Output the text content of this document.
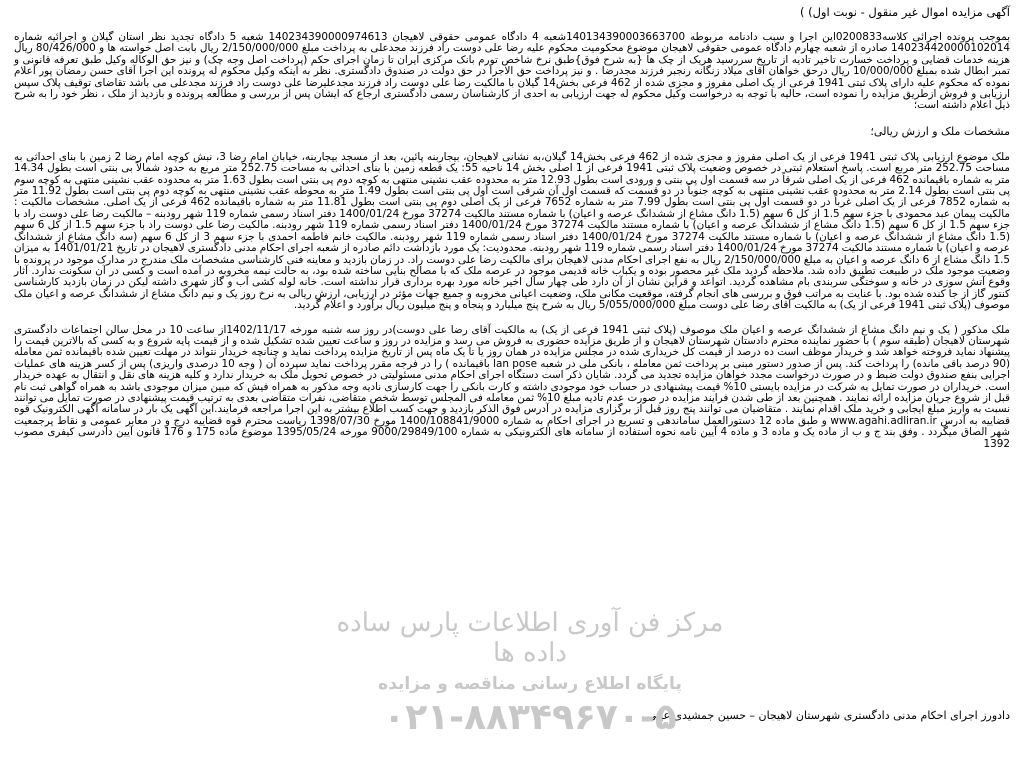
آگهی مزایده اموال غیر منقول - نوبت اول) )

بموجب پرونده اجرائی کلاسه0200833این اجرا و سبب دادنامه مربوطه 140134390003663700شعبه 4 دادگاه عمومی حقوقی لاهیجان 140234390000974613 شعبه 5 دادگاه تجدید نظر استان گیلان و اجرائیه شماره 140234420000102014 صادره از شعبه چهارم دادگاه عمومی حقوقی لاهیجان موضوع محکومیت محکوم علیه رضا علی دوست راد فرزند مجدعلی به پرداخت مبلغ 2/150/000/000 ریال بابت اصل خواسته ها و 80/426/000 ریال هزینه خدمات قضایی و پرداخت خسارت تاخیر تادیه از تاریخ سررسید هریک از چک ها {به شرح فوق}طبق نرخ شاخص تورم بانک مرکزی ایران تا زمان اجرای حکم (پرداخت اصل وجه چک) و نیز حق الوکاله وکیل طبق تعرفه قانونی و تمبر ابطال شده بمبلغ 10/000/000 ریال درحق خواهان آقای میلاد زنگانه رنجبر فرزند مجدرضا . و نیز پرداخت حق الاجرا در حق دولت در صندوق دادگستری. نظر به اینکه وکیل محکوم له پرونده این اجرا آقای حسن رمضان پور اعلام نموده که محکوم علیه دارای پلاک ثبتی 1941 فرعی از یک اصلی مفروز و مجزی شده از 462 فرعی بخش14 گیلان با مالکیت رضا علی دوست راد فرزند مجدعلیرضا علی دوست راد فرزند مجدعلی می باشد تقاضای توقیف پلاک سپس ارزیابی و فروش ازطریق مزایده را نموده است، حالیه با توجه به درخواست وکیل محکوم له جهت ارزیابی به احدی از کارشناسان رسمی دادگستری ارجاع که ایشان پس از بررسی و مطالعه پرونده و بازدید از ملک ، نظر خود را به شرح ذیل اعلام داشته است؛

مشخصات ملک و ارزش ریالی؛

ملک موضوع ارزیابی پلاک ثبتی 1941 فرعی از یک اصلی مفروز و مجزی شده از 462 فرعی بخش14 گیلان،به نشانی لاهیجان، بیجاربنه پائین، بعد از مسجد بیجاربنه، خیابان امام رضا 3، نبش کوچه امام رضا 2 زمین با بنای احداثی به مساحت 252.75 متر مربع است. پاسخ استعلام ثبتی در خصوص وضعیت پلاک ثبتی 1941 فرعی از 1 اصلی بخش 14 ناحیه 55: یک قطعه زمین با بنای احداثی به مساحت 252.75 متر مربع به حدود شمالاً بی بنتی است بطول 14.34 متر به شماره باقیمانده 462 فرعی از یک اصلی شرقاً در سه قسمت اول پی بنتی و ورودی است بطول 12.93 متر به محدوده عقب نشینی منتهی به کوچه دوم پی بنتی است بطول 1.63 متر به محدوده عقب نشینی منتهی به کوچه سوم پی بنتی است بطول 2.14 متر به محدوده عقب نشینی منتهی به کوچه جنوباً در دو قسمت که قسمت اول آن شرقی است اول پی بنتی است بطول 1.49 متر به محوطه عقب نشینی منتهی به کوچه دوم پی بنتی است بطول 11.92 متر به شماره 7852 فرعی از یک اصلی غرباً در دو قسمت اول پی بنتی است بطول 7.99 متر به شماره 7652 فرعی از یک اصلی دوم پی بنتی است بطول 11.81 متر به شماره باقیمانده 462 فرعی از یک اصلی. مشخصات مالکیت : مالکیت پیمان عبد محمودی با جزء سهم 1.5 از کل 6 سهم (1.5 دانگ مشاع از ششدانگ عرصه و اعیان) با شماره مستند مالکیت 37274 مورخ 1400/01/24 دفتر اسناد رسمی شماره 119 شهر رودبنه – مالکیت رضا علی دوست راد با جزء سهم 1.5 از کل 6 سهم (1.5 دانگ مشاع از ششدانگ عرصه و اعیان) با شماره مستند مالکیت 37274 مورخ 1400/01/24 دفتر اسناد رسمی شماره 119 شهر رودبنه. مالکیت رضا علی دوست راد با جزء سهم 1.5 از کل 6 سهم (1.5 دانگ مشاع از ششدانگ عرصه و اعیان) با شماره مستند مالکیت 37274 مورخ 1400/01/24 دفتر اسناد رسمی شماره 119 شهر رودبنه. مالکیت خانم فاطمه احمدی با جزء سهم 3 از کل 6 سهم (سه دانگ مشاع از ششدانگ عرصه و اعیان) با شماره مستند مالکیت 37274 مورخ 1400/01/24 دفتر اسناد رسمی شماره 119 شهر رودبنه. محدودیت: یک مورد بازداشت دائم صادره از شعبه اجرای احکام مدنی دادگستری لاهیجان در تاریخ 1401/01/21 به میزان 1.5 دانگ مشاع از 6 دانگ عرصه و اعیان به مبلغ 2/150/000/000 ریال به نفع اجرای احکام مدنی لاهیجان برای مالکیت رضا علی دوست راد. در زمان بازدید و معاینه فنی کارشناسی مشخصات ملک مندرج در مدارک موجود در پرونده با وضعیت موجود ملک در طبیعت تطبیق داده شد. ملاحظه گردید ملک غیر محصور بوده و یکباب خانه قدیمی موجود در عرصه ملک که با مصالح بنایی ساخته شده بود، به حالت نیمه مخروبه در آمده است و کسی در آن سکونت ندارد. آثار وقوع آتش سوزی در خانه و سوختگی سربندی بام مشاهده گردید. اتواعد و قراین نشان از آن دارد طی چهار سال اخیر خانه مورد بهره برداری قرار نداشته است. خانه لوله کشی آب و گاز شهری داشته لیکن در زمان بازدید کارشناسی کنتور گاز از جا کنده شده بود. با عنایت به مراتب فوق و بررسی های انجام گرفته، موقعیت مکانی ملک، وضعیت اعیانی مخروبه و جمیع جهات مؤثر در ارزیابی، ارزش ریالی به نرخ روز یک و نیم دانگ مشاع از ششدانگ عرصه و اعیان ملک موصوف (پلاک ثبتی 1941 فرعی از یک) به مالکیت آقای رضا علی دوست مبلغ 5/055/000/000 ریال به شرح پنج میلیارد و پنجاه و پنج میلیون ریال برآورد و اعلام گردید.

ملک مذکور ( یک و نیم دانگ مشاع از ششدانگ عرصه و اعیان ملک موصوف (پلاک ثبتی 1941 فرعی از یک) به مالکیت آقای رضا علی دوست)در روز سه شنبه مورخه 1402/11/17از ساعت 10 در محل سالن اجتماعات دادگستری شهرستان لاهیجان (طبقه سوم ) با حضور نماینده محترم دادستان شهرستان لاهیجان و از طریق مزایده حضوری به فروش می رسد و مزایده در روز و ساعت تعیین شده تشکیل شده و از قیمت پایه شروع و به کسی که بالاترین قیمت را پیشنهاد نماید فروخته خواهد شد و خریدار موظف است ده درصد از قیمت کل خریداری شده در مجلس مزایده در همان روز یا تا یک ماه پس از تاریخ مزایده پرداخت نماید و چنانچه خریدار نتواند در مهلت تعیین شده باقیمانده ثمن معامله (90 درصد باقی مانده) را پرداخت کند. پس از صدور دستور مبنی بر پرداخت ثمن معامله ، بانکی ملی در شعبه lan pose باقیمانده ) را در فرجه مقرر پرداخت نماید سپرده آن ( وجه 10 درصدی واریزی) پس از کسر هزینه های عملیات اجرایی بنفع صندوق دولت ضبط و در صورت درخواست مجدد خواهان مزایده تجدید می گردد. شایان ذکر است دستگاه اجرای احکام مدنی مسئولیتی در خصوص تحویل ملک به خریدار ندارد و کلیه هزینه های نقل و انتقال به عهده خریدار است. خریداران در صورت تمایل به شرکت در مزایده بایستی 10% قیمت پیشنهادی در حساب خود موجودی داشته و کارت بانکی را جهت کارسازی نادیه وجه مذکور به همراه فیش که مبین میزان موجودی باشد به همراه گواهی ثبت نام قبل از شروع جریان مزایده ارائه نمایند . همچنین بعد از طی شدن فرایند مزایده در صورت عدم تادیه مبلغ 10% ثمن معامله فی المجلس توسط شخص متقاضی، نفرات متقاضی بعدی به ترتیب قیمت پیشنهادی در صورت تمایل می توانند نسبت به واریز مبلغ ایجابی و خرید ملک اقدام نمایند . متقاضیان می توانند پنج روز قبل از برگزاری مزایده در آدرس فوق الذکر بازدید و جهت کسب اطلاع بیشتر به این اجرا مراجعه فرمایند.این آگهی یک بار در سامانه آگهی الکترونیک قوه قضاییه به آدرس www.agahi.adliran.ir و طبق ماده 12 دستورالعمل ساماندهی و تسریع در اجرای احکام به شماره 1400/108841/9000 مورخ 1398/07/30 ریاست محترم قوه قضاییه درج و در معابر عمومی و نقاط پرجمعیت شهر الصاق میگردد . وفق بند ج و ب از ماده یک و ماده 3 و ماده 4 آیین نامه نحوه استفاده از سامانه های الکترونیکی به شماره 9000/29849/100 مورخه 1395/05/24 موضوع ماده 175 و 176 قانون آیین دادرسی کیفری مصوب 1392

دادورز اجرای احکام مدنی دادگستری شهرستان لاهیجان – حسین جمشیدی عینی
مرکز فن آوری اطلاعات پارس ساده داده ها
پایگاه اطلاع رسانی مناقصه و مزایده
۰۲۱-۸۸۳۴۹۶۷۰-۵
